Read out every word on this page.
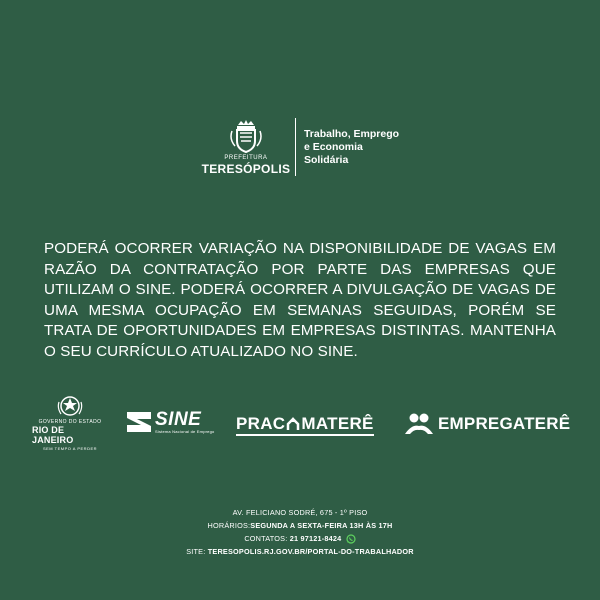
PREFEITURA
TERESÓPOLIS
Trabalho, Emprego
e Economia
Solidária
PODERÁ OCORRER VARIAÇÃO NA DISPONIBILIDADE DE VAGAS EM RAZÃO DA CONTRATAÇÃO POR PARTE DAS EMPRESAS QUE UTILIZAM O SINE. PODERÁ OCORRER A DIVULGAÇÃO DE VAGAS DE UMA MESMA OCUPAÇÃO EM SEMANAS SEGUIDAS, PORÉM SE TRATA DE OPORTUNIDADES EM EMPRESAS DISTINTAS. MANTENHA O SEU CURRÍCULO ATUALIZADO NO SINE.
GOVERNO DO ESTADO
RIO DE JANEIRO
SEM TEMPO A PERDER
SINE
Sistema Nacional de Emprego PRAC MATERÊ	EMPREGATERÊ
AV. FELICIANO SODRÉ, 675 - 1º PISO
HORÁRIOS:SEGUNDA A SEXTA-FEIRA 13H ÀS 17H
CONTATOS: 21 97121-8424
SITE: TERESOPOLIS.RJ.GOV.BR/PORTAL-DO-TRABALHADOR
